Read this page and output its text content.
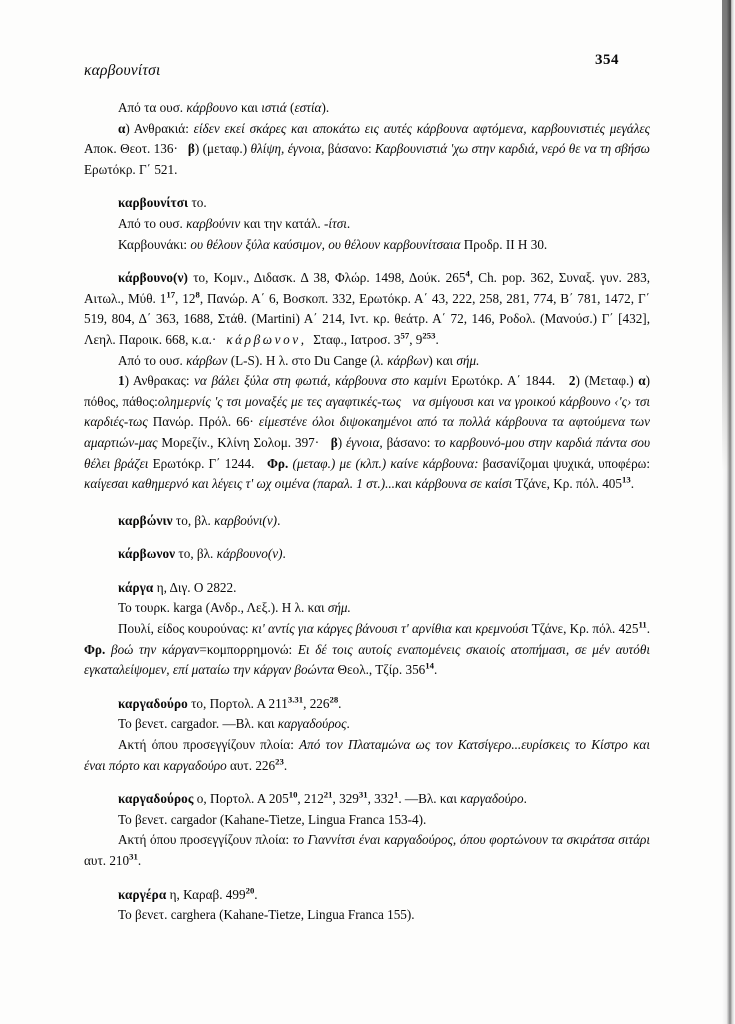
καρβουνίτσι
354

Από τα ουσ. κάρβουνο και ιστιά (εστία).

α) Ανθρακιά: είδεν εκεί σκάρες και αποκάτω εις αυτές κάρβουνα αφτόμενα, καρβουνιστιές μεγάλες Αποκ. Θεοτ. 136·   β) (μεταφ.) θλίψη, έγνοια, βάσανο: Καρβουνιστιά 'χω στην καρδιά, νερό θε να τη σβήσω Ερωτόκρ. Γ΄ 521.

καρβουνίτσι το.

Από το ουσ. καρβούνιν και την κατάλ. -ίτσι.

Καρβουνάκι: ου θέλουν ξύλα καύσιμον, ου θέλουν καρβουνίτσαια Προδρ. II Η 30.

κάρβουνο(ν) το, Κομν., Διδασκ. Δ 38, Φλώρ. 1498, Δούκ. $265^4$, Ch. pop. 362, Συναξ. γυν. 283, Αιτωλ., Μύθ. $1^{17}$, $12^8$, Πανώρ. Α΄ 6, Βοσκοπ. 332, Ερωτόκρ. Α΄ 43, 222, 258, 281, 774, Β΄ 781, 1472, Γ΄ 519, 804, Δ΄ 363, 1688, Στάθ. (Martini) Α΄ 214, Ιντ. κρ. θεάτρ. Α΄ 72, 146, Ροδολ. (Μανούσ.) Γ΄ [432], Λεηλ. Παροικ. 668, κ.α.·   κάρβωνον,  Σταφ., Ιατροσ. $3^{57}$, $9^{253}$.

Από το ουσ. κάρβων (L-S). Η λ. στο Du Cange (λ. κάρβων) και σήμ.

1) Ανθρακας: να βάλει ξύλα στη φωτιά, κάρβουνα στο καμίνι Ερωτόκρ. Α΄ 1844.   2) (Μεταφ.) α) πόθος, πάθος:οληµερνίς 'ς τσι μοναξές με τες αγαφτικές-τως να σμίγουσι και να γροικού κάρβουνο ‹'ς› τσι καρδιές-τως Πανώρ. Πρόλ. 66· είμεστένε όλοι διψοκαημένοι από τα πολλά κάρβουνα τα αφτούμενα των αμαρτιών-μας Μορεζίν., Κλίνη Σολομ. 397·   β) έγνοια, βάσανο: το καρβουνό-μου στην καρδιά πάντα σου θέλει βράζει Ερωτόκρ. Γ΄ 1244.   Φρ. (μεταφ.) με (κλπ.) καίνε κάρβουνα: βασανίζομαι ψυχικά, υποφέρω: καίγεσαι καθημερνό και λέγεις τ' ωχ οιμένα (παραλ. 1 στ.)...και κάρβουνα σε καίσι Τζάνε, Κρ. πόλ. $405^{13}$.

καρβώνιν το, βλ. καρβούνι(ν).

κάρβωνον το, βλ. κάρβουνο(ν).

κάργα η, Διγ. Ο 2822.

Το τουρκ. karga (Ανδρ., Λεξ.). Η λ. και σήμ.

Πουλί, είδος κουρούνας: κι' αντίς για κάργες βάνουσι τ' αρνίθια και κρεμνούσι Τζάνε, Κρ. πόλ. $425^{11}$. Φρ. βοώ την κάργαν=κομπορρημονώ: Ει δέ τοις αυτοίς εναπομένεις σκαιοίς ατοπήμασι, σε μέν αυτόθι εγκαταλείψομεν, επί ματαίω την κάργαν βοώντα Θεολ., Τζίρ. $356^{14}$.

καργαδούρο το, Πορτολ. Α $211^{3.31}$, $226^{28}$.

Το βενετ. cargador. —Βλ. και καργαδούρος.

Ακτή όπου προσεγγίζουν πλοία: Από τον Πλαταμώνα ως τον Κατσίγερο...ευρίσκεις το Κίστρο και έναι πόρτο και καργαδούρο αυτ. $226^{23}$.

καργαδούρος ο, Πορτολ. Α $205^{10}$, $212^{21}$, $329^{31}$, $332^1$. —Βλ. και καργαδούρο.

Το βενετ. cargador (Kahane-Tietze, Lingua Franca 153-4).

Ακτή όπου προσεγγίζουν πλοία: το Γιαννίτσι έναι καργαδούρος, όπου φορτώνουν τα σκιράτσα σιτάρι αυτ. $210^{31}$.

καργέρα η, Καραβ. $499^{20}$.

Το βενετ. carghera (Kahane-Tietze, Lingua Franca 155).
